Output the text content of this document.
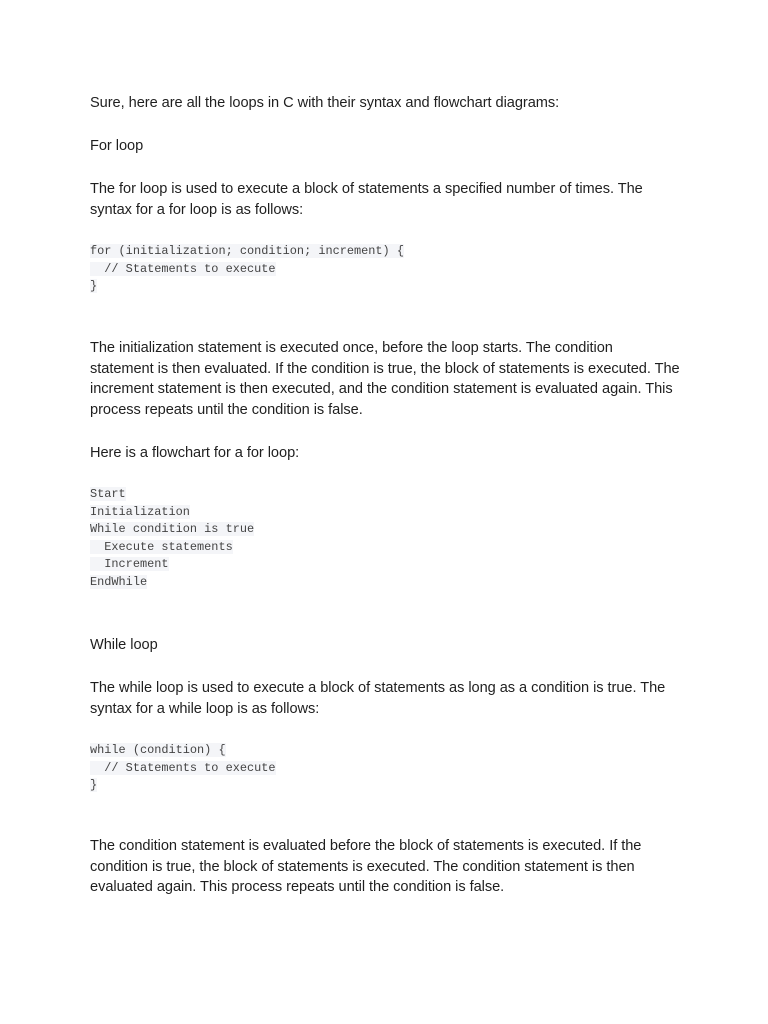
Sure, here are all the loops in C with their syntax and flowchart diagrams:

For loop

The for loop is used to execute a block of statements a specified number of times. The syntax for a for loop is as follows:

for (initialization; condition; increment) {
// Statements to execute
}

The initialization statement is executed once, before the loop starts. The condition statement is then evaluated. If the condition is true, the block of statements is executed. The increment statement is then executed, and the condition statement is evaluated again. This process repeats until the condition is false.

Here is a flowchart for a for loop:

Start
Initialization
While condition is true
Execute statements
Increment
EndWhile

While loop

The while loop is used to execute a block of statements as long as a condition is true. The syntax for a while loop is as follows:

while (condition) {
// Statements to execute
}

The condition statement is evaluated before the block of statements is executed. If the condition is true, the block of statements is executed. The condition statement is then evaluated again. This process repeats until the condition is false.
